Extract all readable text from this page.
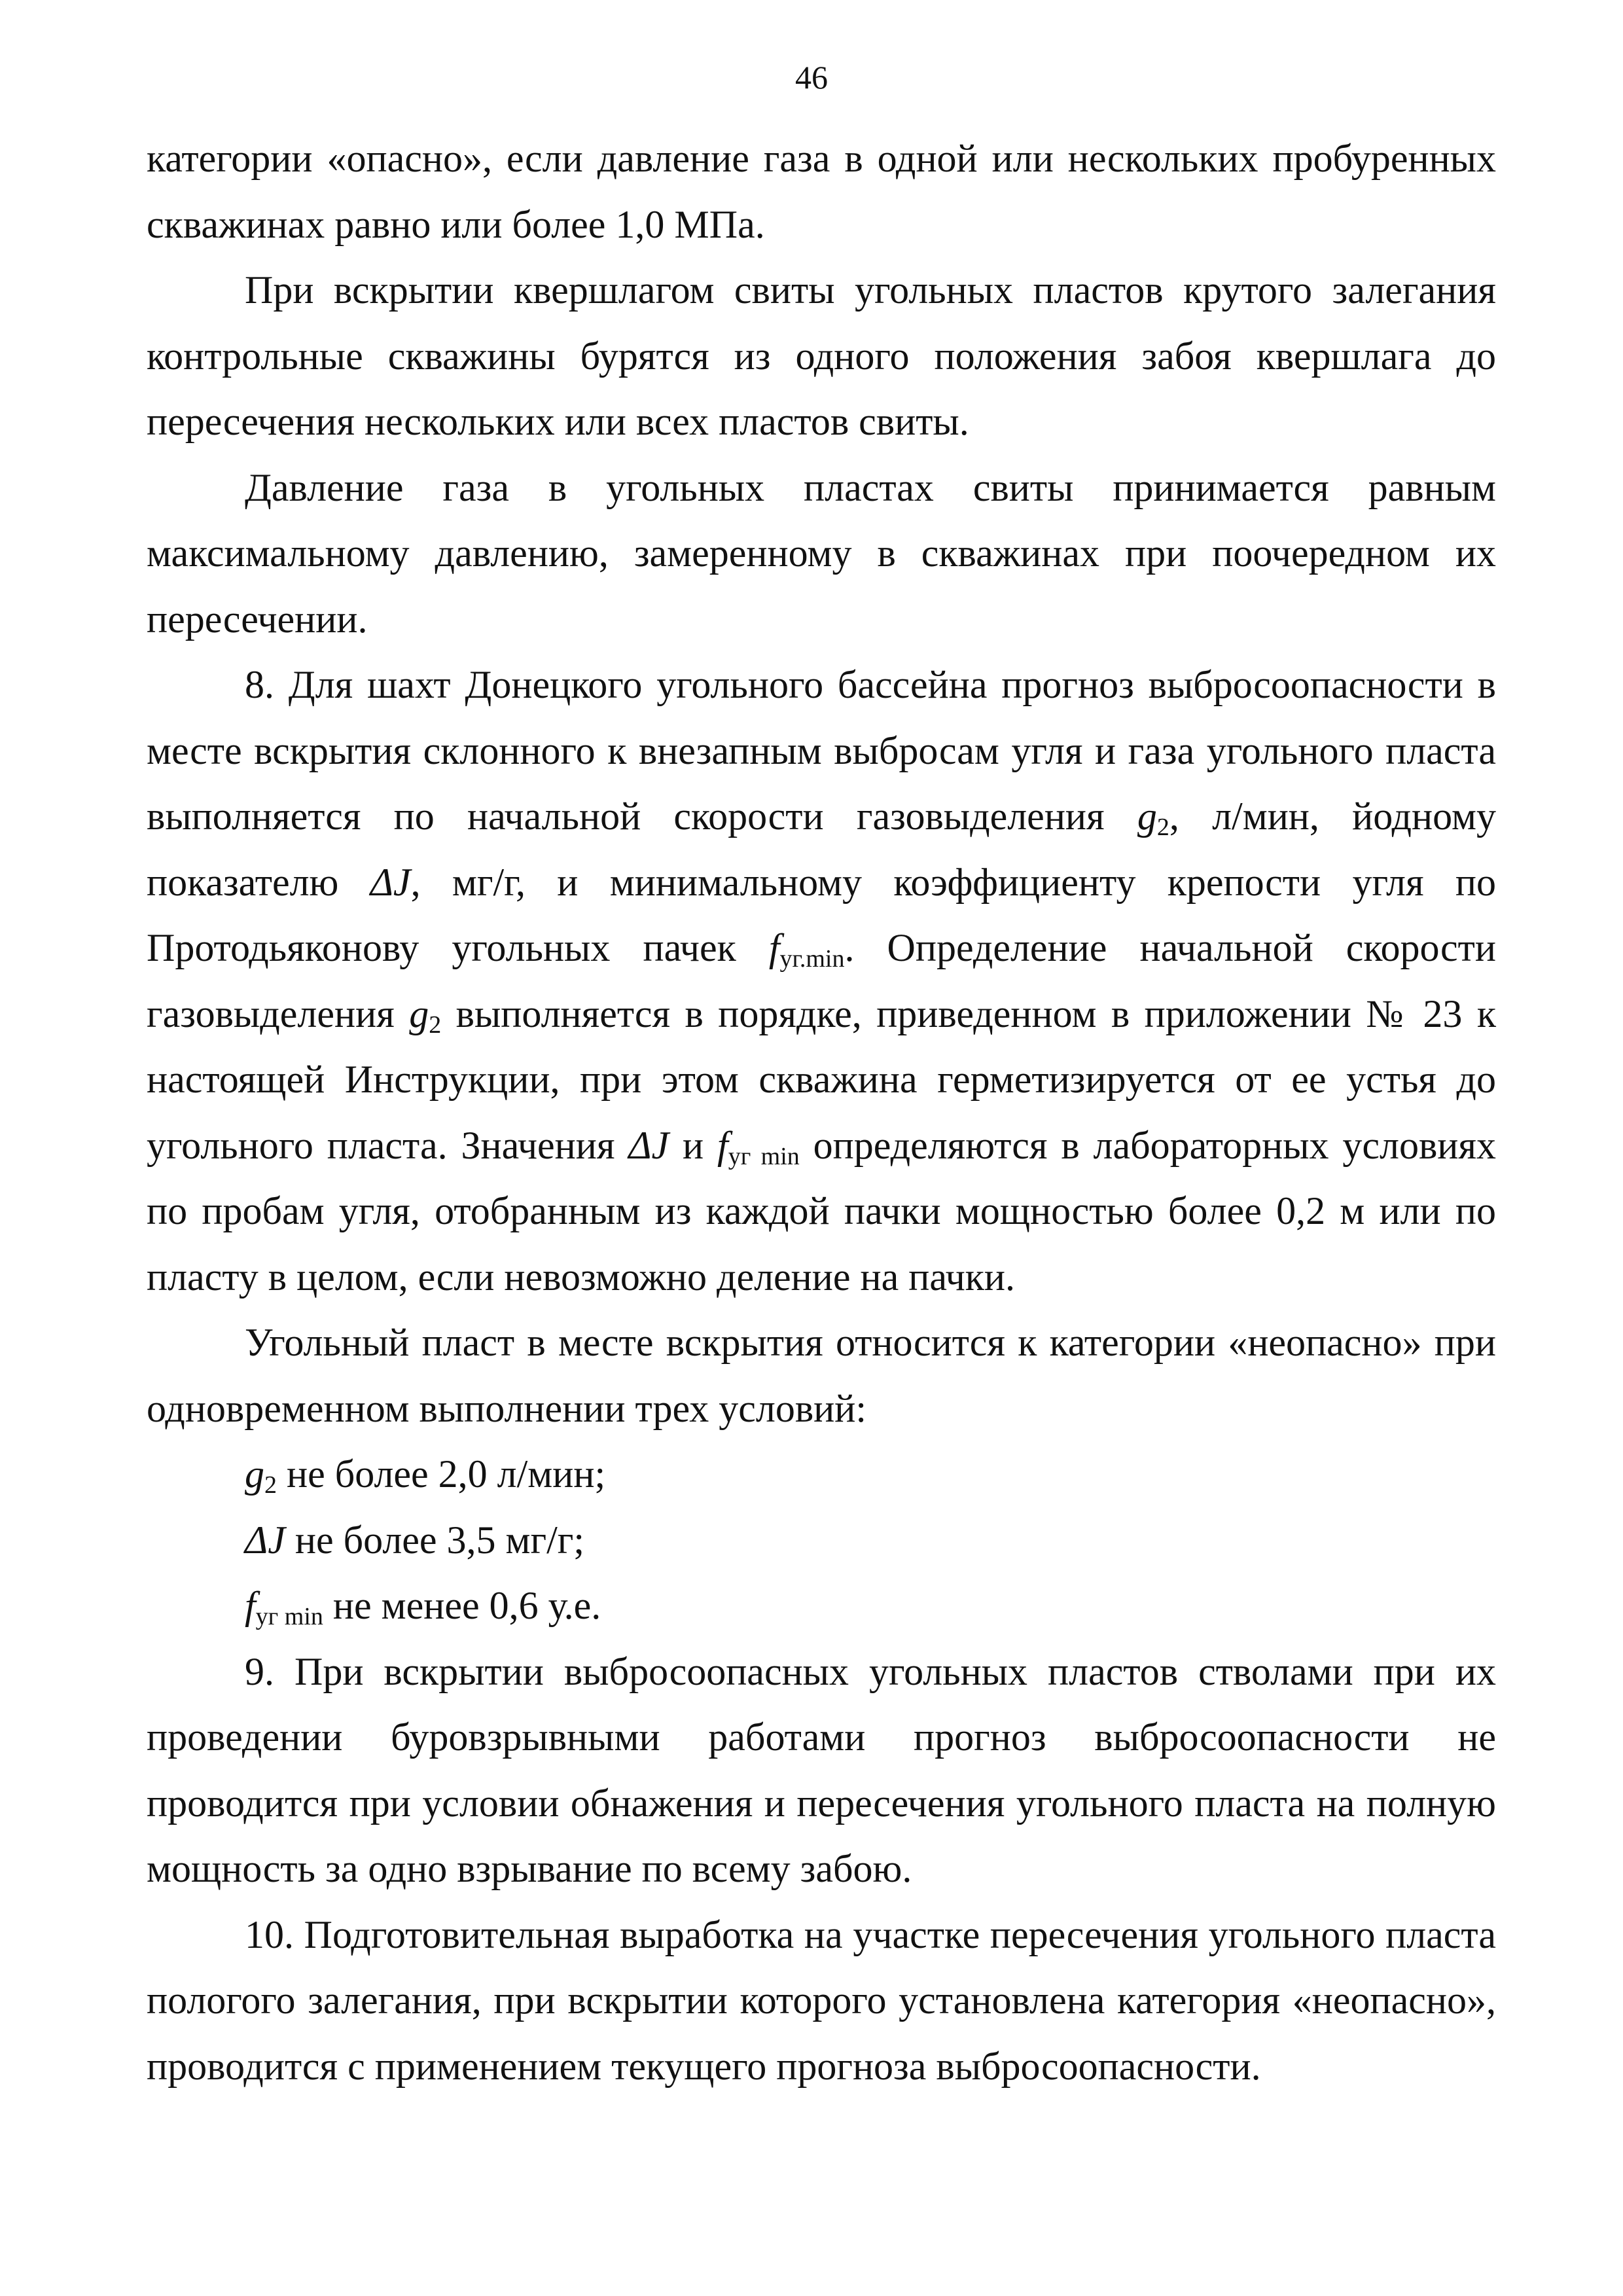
46

категории «опасно», если давление газа в одной или нескольких пробуренных скважинах равно или более 1,0 МПа.

При вскрытии квершлагом свиты угольных пластов крутого залегания контрольные скважины бурятся из одного положения забоя квершлага до пересечения нескольких или всех пластов свиты.

Давление газа в угольных пластах свиты принимается равным максимальному давлению, замеренному в скважинах при поочередном их пересечении.

8. Для шахт Донецкого угольного бассейна прогноз выбросоопасности в месте вскрытия склонного к внезапным выбросам угля и газа угольного пласта выполняется по начальной скорости газовыделения $g_2$, л/мин, йодному показателю ΔJ, мг/г, и минимальному коэффициенту крепости угля по Протодьяконову угольных пачек $f_{уг.min}$. Определение начальной скорости газовыделения $g_2$ выполняется в порядке, приведенном в приложении № 23 к настоящей Инструкции, при этом скважина герметизируется от ее устья до угольного пласта. Значения ΔJ и $f_{уг min}$ определяются в лабораторных условиях по пробам угля, отобранным из каждой пачки мощностью более 0,2 м или по пласту в целом, если невозможно деление на пачки.

Угольный пласт в месте вскрытия относится к категории «неопасно» при одновременном выполнении трех условий:

$g_2$ не более 2,0 л/мин;

ΔJ не более 3,5 мг/г;

$f_{уг min}$ не менее 0,6 у.е.

9. При вскрытии выбросоопасных угольных пластов стволами при их проведении буровзрывными работами прогноз выбросоопасности не проводится при условии обнажения и пересечения угольного пласта на полную мощность за одно взрывание по всему забою.

10. Подготовительная выработка на участке пересечения угольного пласта пологого залегания, при вскрытии которого установлена категория «неопасно», проводится с применением текущего прогноза выбросоопасности.
